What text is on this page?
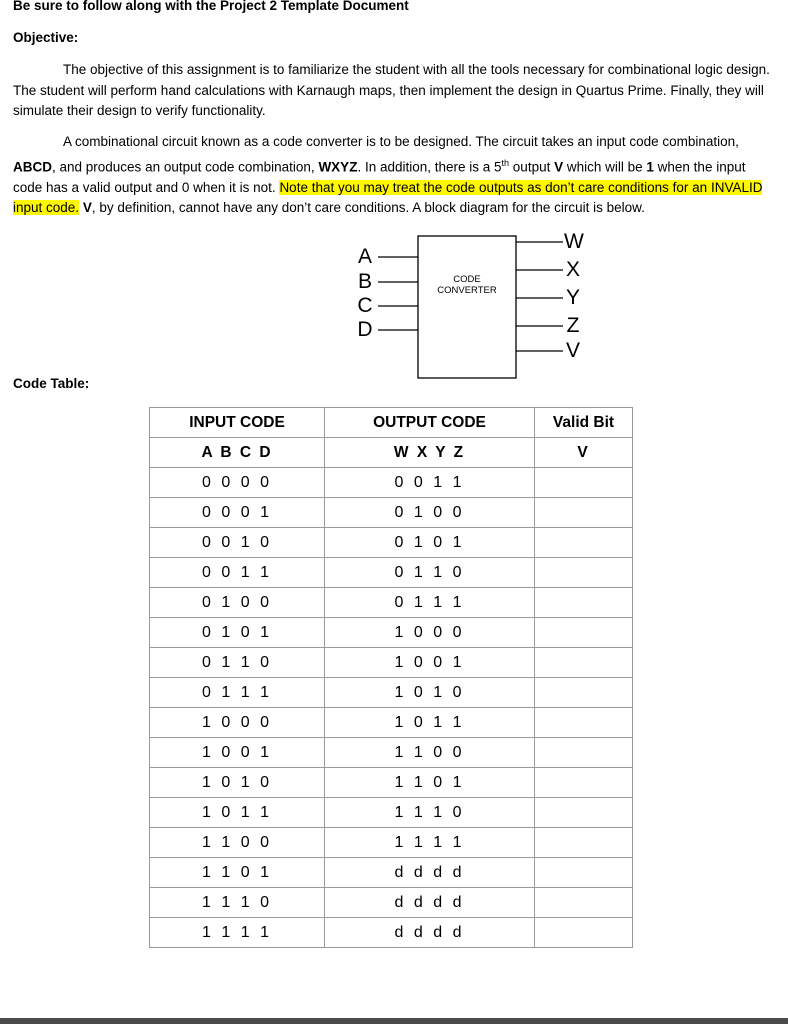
Be sure to follow along with the Project 2 Template Document
Objective:
The objective of this assignment is to familiarize the student with all the tools necessary for combinational logic design. The student will perform hand calculations with Karnaugh maps, then implement the design in Quartus Prime. Finally, they will simulate their design to verify functionality.
A combinational circuit known as a code converter is to be designed. The circuit takes an input code combination, ABCD, and produces an output code combination, WXYZ. In addition, there is a 5th output V which will be 1 when the input code has a valid output and 0 when it is not. Note that you may treat the code outputs as don’t care conditions for an INVALID input code. V, by definition, cannot have any don’t care conditions. A block diagram for the circuit is below.
A
B
C
D
CODE
CONVERTER
W
X
Y
Z
V
Code Table:
INPUT CODE	OUTPUT CODE	Valid Bit
A B C D	W X Y Z	V
0 0 0 0	0 0 1 1	
0 0 0 1	0 1 0 0	
0 0 1 0	0 1 0 1	
0 0 1 1	0 1 1 0	
0 1 0 0	0 1 1 1	
0 1 0 1	1 0 0 0	
0 1 1 0	1 0 0 1	
0 1 1 1	1 0 1 0	
1 0 0 0	1 0 1 1	
1 0 0 1	1 1 0 0	
1 0 1 0	1 1 0 1	
1 0 1 1	1 1 1 0	
1 1 0 0	1 1 1 1	
1 1 0 1	d d d d	
1 1 1 0	d d d d	
1 1 1 1	d d d d	
